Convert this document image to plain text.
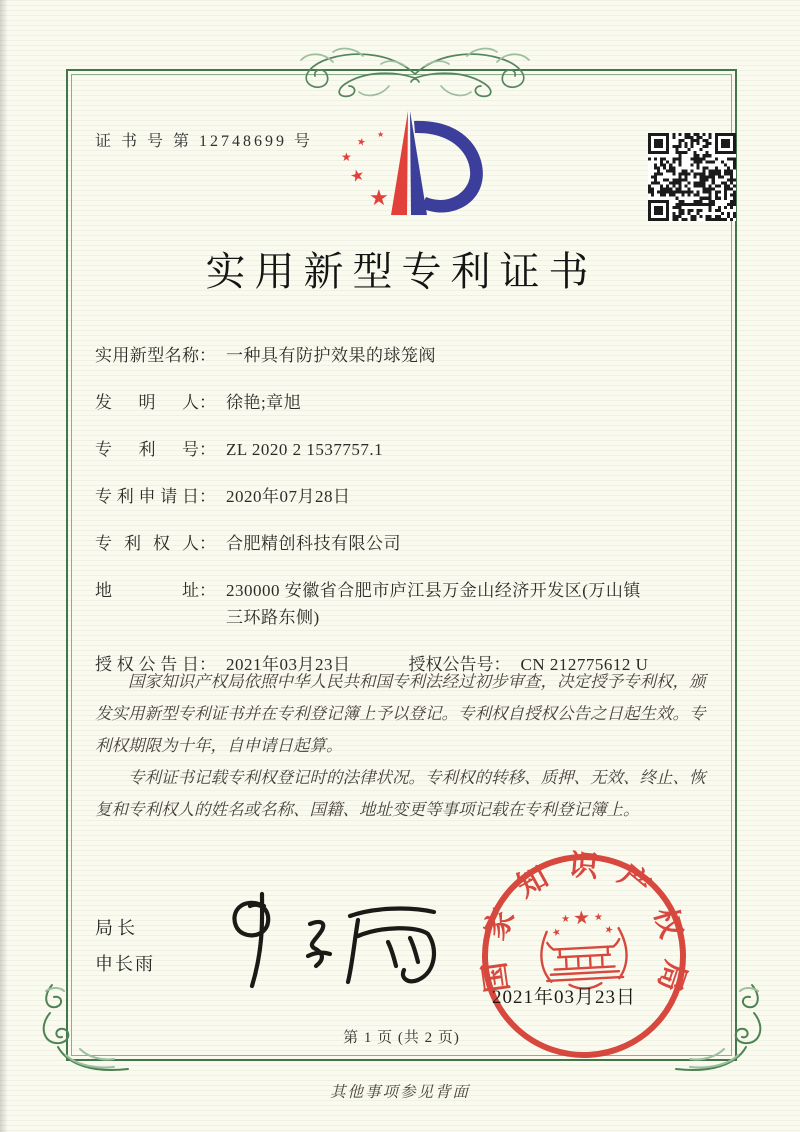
证 书 号 第 12748699 号
★
★
★
★
★
实用新型专利证书
实用新型名称 ： 一种具有防护效果的球笼阀
发明人 ： 徐艳;章旭
专利号 ： ZL 2020 2 1537757.1
专利申请日 ： 2020年07月28日
专利权人 ： 合肥精创科技有限公司
地址 ： 230000 安徽省合肥市庐江县万金山经济开发区(万山镇三环路东侧)
授权公告日 ： 2021年03月23日	授权公告号 ： CN 212775612 U

国家知识产权局依照中华人民共和国专利法经过初步审查，决定授予专利权，颁发实用新型专利证书并在专利登记簿上予以登记。专利权自授权公告之日起生效。专利权期限为十年，自申请日起算。

专利证书记载专利权登记时的法律状况。专利权的转移、质押、无效、终止、恢复和专利权人的姓名或名称、国籍、地址变更等事项记载在专利登记簿上。

局长
申长雨	国家知识产权局
★
★
★ ★
★
2021年03月23日
第 1 页 (共 2 页)
其他事项参见背面
